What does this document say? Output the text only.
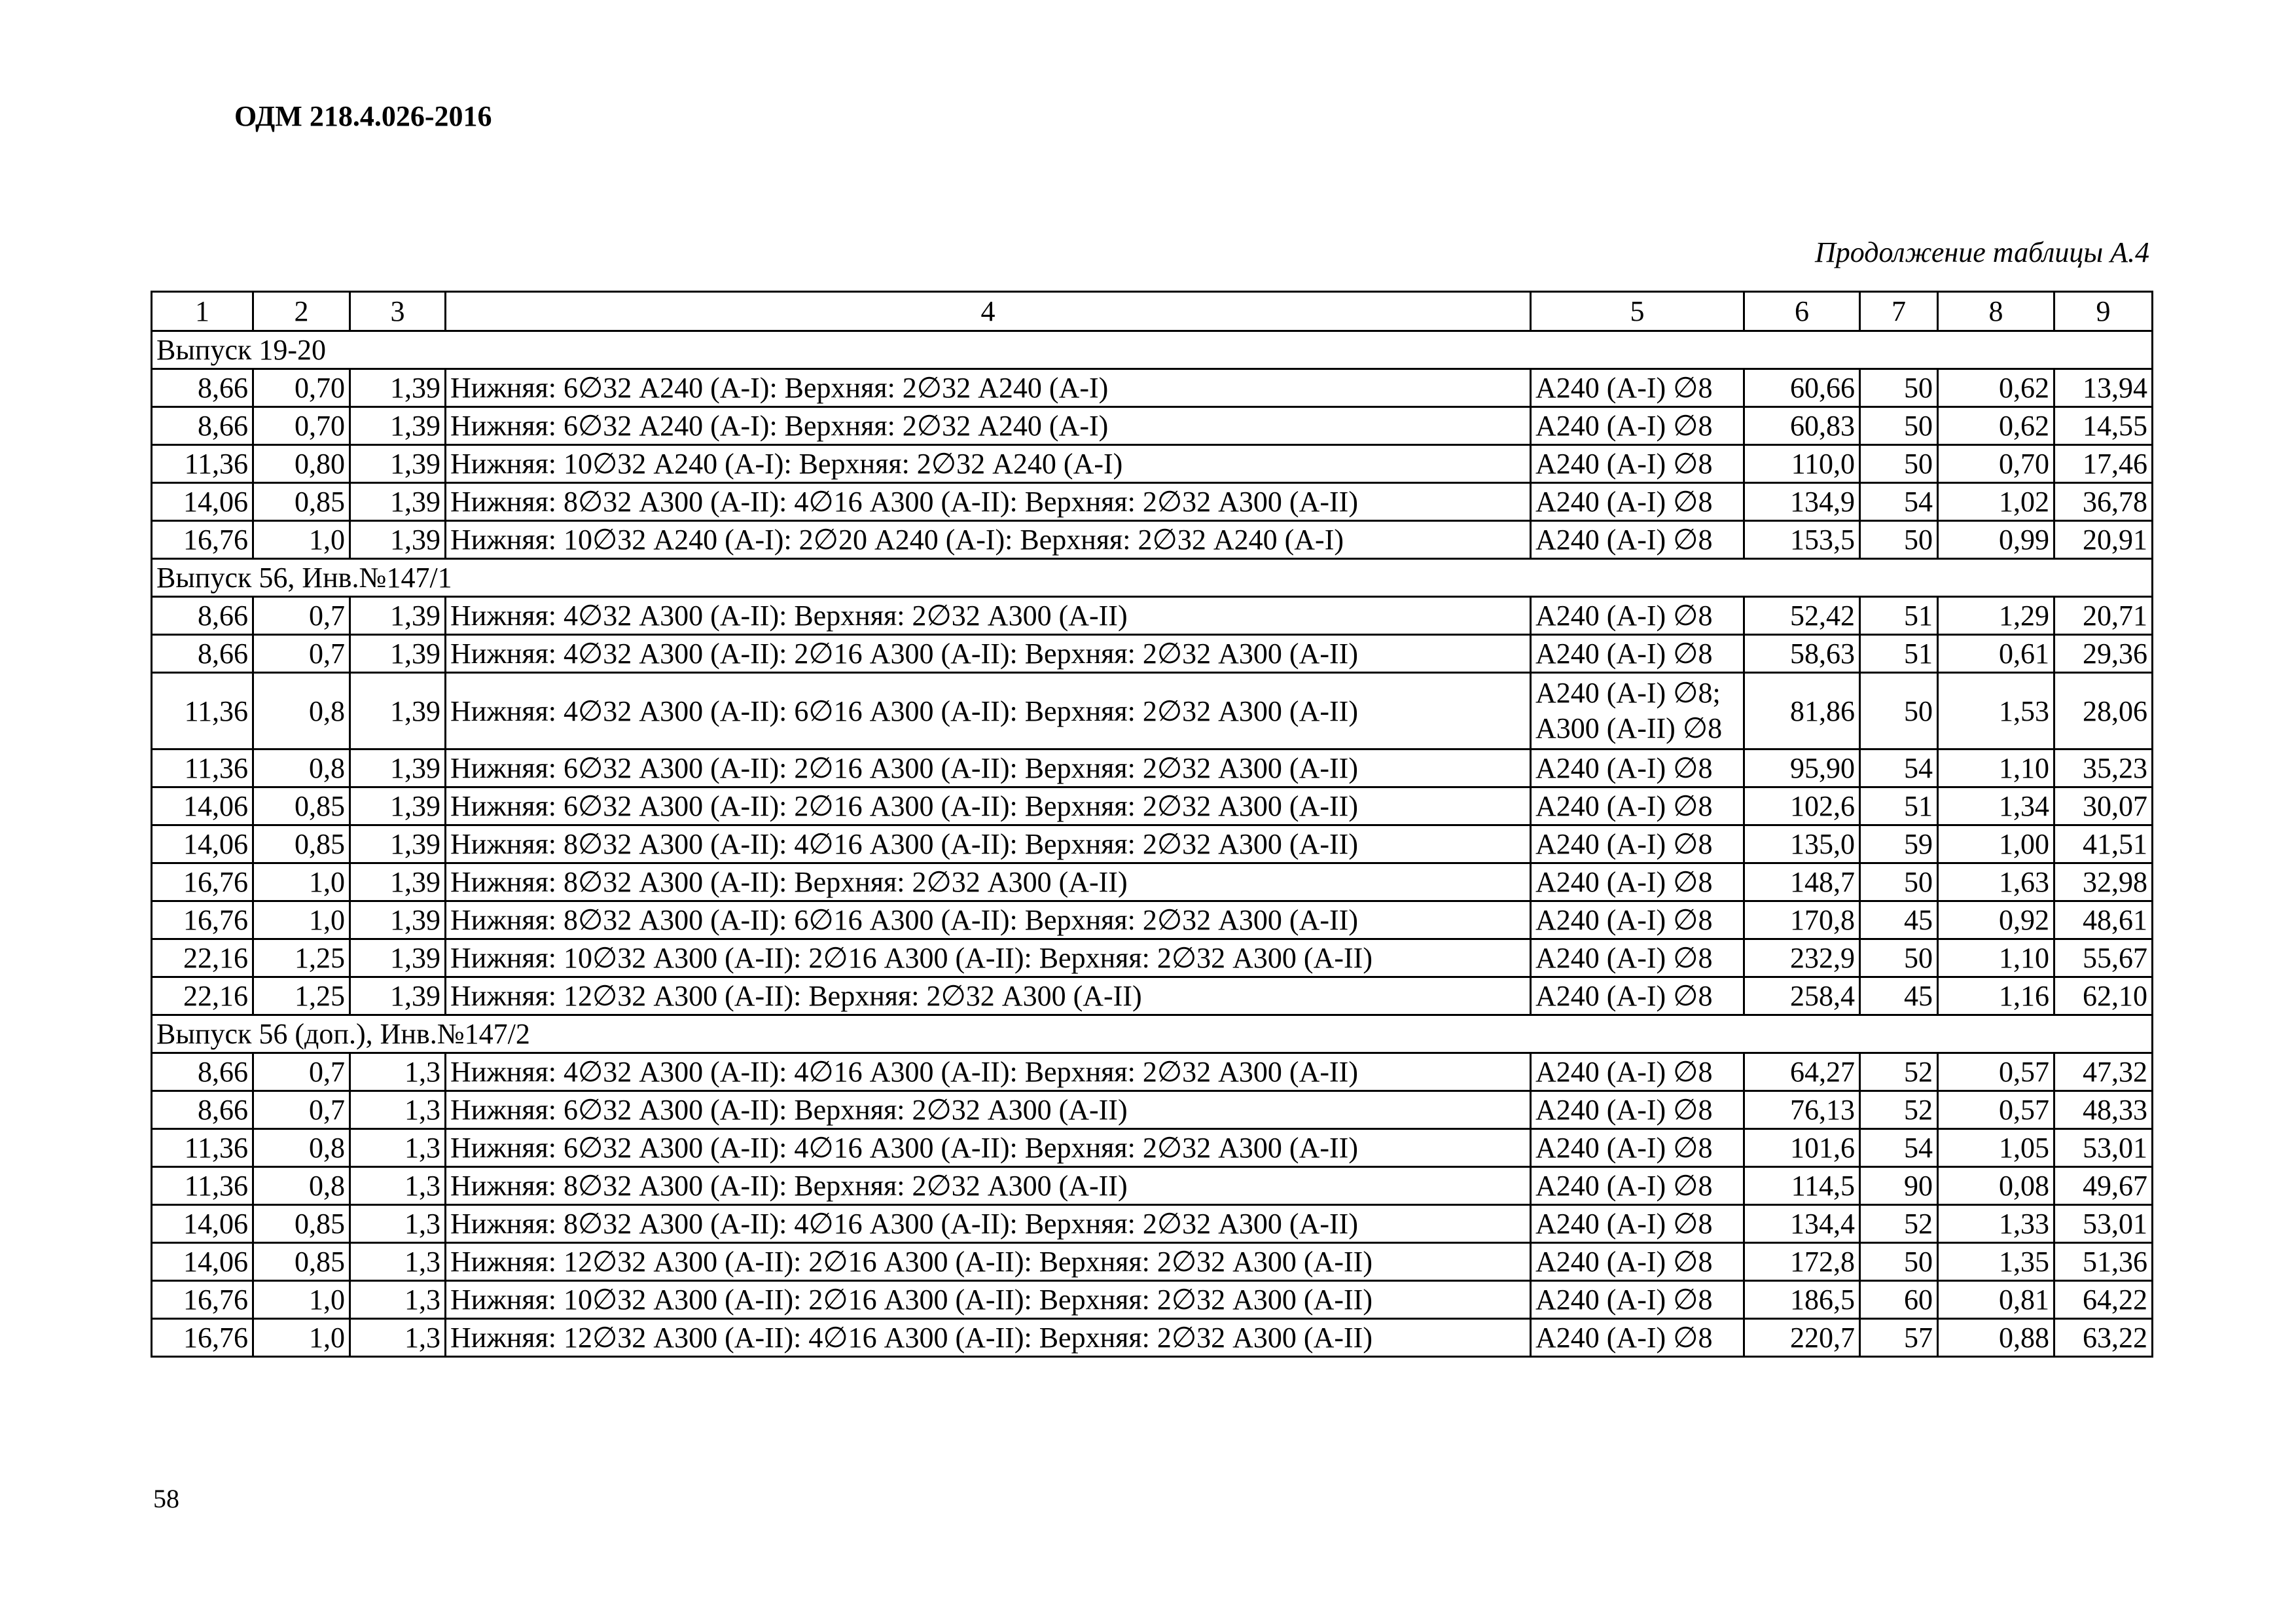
ОДМ 218.4.026-2016
Продолжение таблицы А.4
1	2	3	4	5	6	7	8	9
Выпуск 19-20								
8,66	0,70	1,39	Нижняя: 6∅32 А240 (А-I): Верхняя: 2∅32 А240 (А-I)	А240 (А-I) ∅8	60,66	50	0,62	13,94
8,66	0,70	1,39	Нижняя: 6∅32 А240 (А-I): Верхняя: 2∅32 А240 (А-I)	А240 (А-I) ∅8	60,83	50	0,62	14,55
11,36	0,80	1,39	Нижняя: 10∅32 А240 (А-I): Верхняя: 2∅32 А240 (А-I)	А240 (А-I) ∅8	110,0	50	0,70	17,46
14,06	0,85	1,39	Нижняя: 8∅32 А300 (А-II): 4∅16 А300 (А-II): Верхняя: 2∅32 А300 (А-II)	А240 (А-I) ∅8	134,9	54	1,02	36,78
16,76	1,0	1,39	Нижняя: 10∅32 А240 (А-I): 2∅20 А240 (А-I): Верхняя: 2∅32 А240 (А-I)	А240 (А-I) ∅8	153,5	50	0,99	20,91
Выпуск 56, Инв.№147/1								
8,66	0,7	1,39	Нижняя: 4∅32 А300 (А-II): Верхняя: 2∅32 А300 (А-II)	А240 (А-I) ∅8	52,42	51	1,29	20,71
8,66	0,7	1,39	Нижняя: 4∅32 А300 (А-II): 2∅16 А300 (А-II): Верхняя: 2∅32 А300 (А-II)	А240 (А-I) ∅8	58,63	51	0,61	29,36
11,36	0,8	1,39	Нижняя: 4∅32 А300 (А-II): 6∅16 А300 (А-II): Верхняя: 2∅32 А300 (А-II)	А240 (А-I) ∅8;
А300 (А-II) ∅8	81,86	50	1,53	28,06
11,36	0,8	1,39	Нижняя: 6∅32 А300 (А-II): 2∅16 А300 (А-II): Верхняя: 2∅32 А300 (А-II)	А240 (А-I) ∅8	95,90	54	1,10	35,23
14,06	0,85	1,39	Нижняя: 6∅32 А300 (А-II): 2∅16 А300 (А-II): Верхняя: 2∅32 А300 (А-II)	А240 (А-I) ∅8	102,6	51	1,34	30,07
14,06	0,85	1,39	Нижняя: 8∅32 А300 (А-II): 4∅16 А300 (А-II): Верхняя: 2∅32 А300 (А-II)	А240 (А-I) ∅8	135,0	59	1,00	41,51
16,76	1,0	1,39	Нижняя: 8∅32 А300 (А-II): Верхняя: 2∅32 А300 (А-II)	А240 (А-I) ∅8	148,7	50	1,63	32,98
16,76	1,0	1,39	Нижняя: 8∅32 А300 (А-II): 6∅16 А300 (А-II): Верхняя: 2∅32 А300 (А-II)	А240 (А-I) ∅8	170,8	45	0,92	48,61
22,16	1,25	1,39	Нижняя: 10∅32 А300 (А-II): 2∅16 А300 (А-II): Верхняя: 2∅32 А300 (А-II)	А240 (А-I) ∅8	232,9	50	1,10	55,67
22,16	1,25	1,39	Нижняя: 12∅32 А300 (А-II): Верхняя: 2∅32 А300 (А-II)	А240 (А-I) ∅8	258,4	45	1,16	62,10
Выпуск 56 (доп.), Инв.№147/2								
8,66	0,7	1,3	Нижняя: 4∅32 А300 (А-II): 4∅16 А300 (А-II): Верхняя: 2∅32 А300 (А-II)	А240 (А-I) ∅8	64,27	52	0,57	47,32
8,66	0,7	1,3	Нижняя: 6∅32 А300 (А-II): Верхняя: 2∅32 А300 (А-II)	А240 (А-I) ∅8	76,13	52	0,57	48,33
11,36	0,8	1,3	Нижняя: 6∅32 А300 (А-II): 4∅16 А300 (А-II): Верхняя: 2∅32 А300 (А-II)	А240 (А-I) ∅8	101,6	54	1,05	53,01
11,36	0,8	1,3	Нижняя: 8∅32 А300 (А-II): Верхняя: 2∅32 А300 (А-II)	А240 (А-I) ∅8	114,5	90	0,08	49,67
14,06	0,85	1,3	Нижняя: 8∅32 А300 (А-II): 4∅16 А300 (А-II): Верхняя: 2∅32 А300 (А-II)	А240 (А-I) ∅8	134,4	52	1,33	53,01
14,06	0,85	1,3	Нижняя: 12∅32 А300 (А-II): 2∅16 А300 (А-II): Верхняя: 2∅32 А300 (А-II)	А240 (А-I) ∅8	172,8	50	1,35	51,36
16,76	1,0	1,3	Нижняя: 10∅32 А300 (А-II): 2∅16 А300 (А-II): Верхняя: 2∅32 А300 (А-II)	А240 (А-I) ∅8	186,5	60	0,81	64,22
16,76	1,0	1,3	Нижняя: 12∅32 А300 (А-II): 4∅16 А300 (А-II): Верхняя: 2∅32 А300 (А-II)	А240 (А-I) ∅8	220,7	57	0,88	63,22
58
